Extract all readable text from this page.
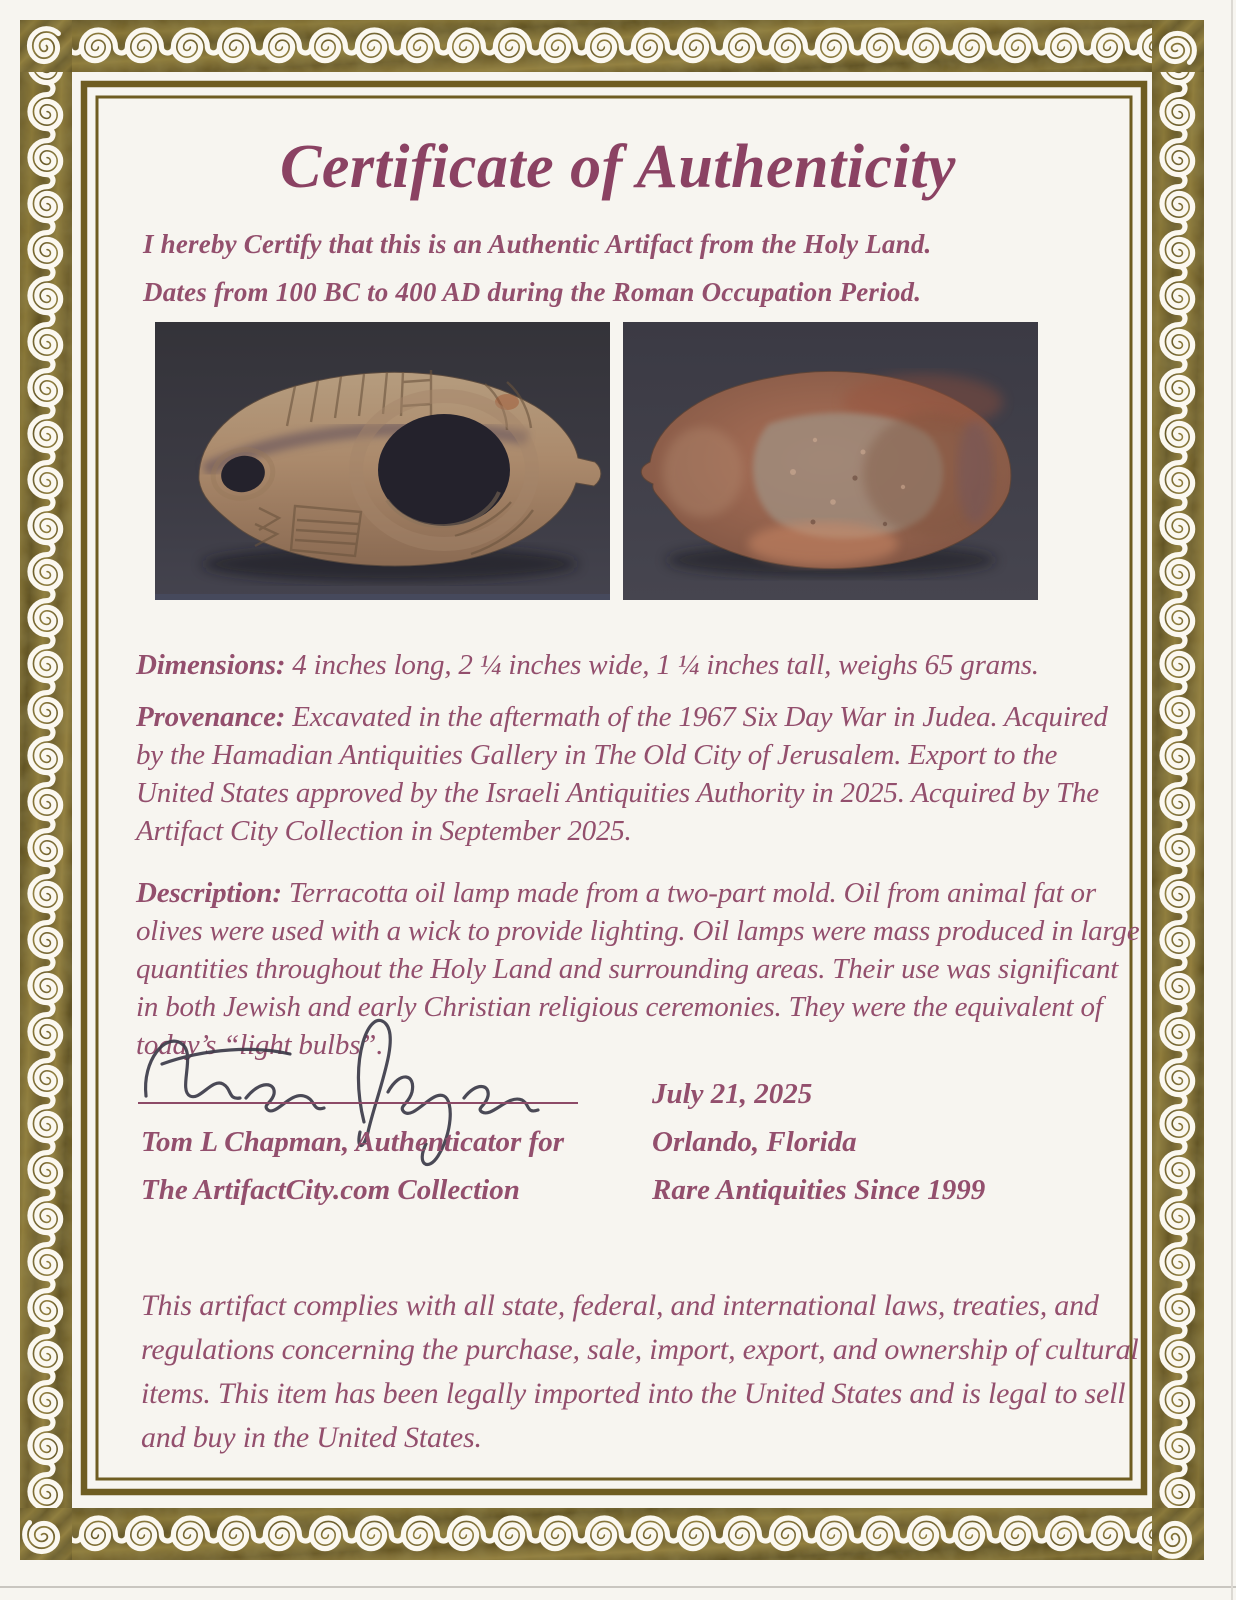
Certificate of Authenticity
I hereby Certify that this is an Authentic Artifact from the Holy Land.
Dates from 100 BC to 400 AD during the Roman Occupation Period.

Dimensions: 4 inches long, 2 ¼ inches wide, 1 ¼ inches tall, weighs 65 grams.

Provenance: Excavated in the aftermath of the 1967 Six Day War in Judea. Acquired by the Hamadian Antiquities Gallery in The Old City of Jerusalem. Export to the United States approved by the Israeli Antiquities Authority in 2025. Acquired by The Artifact City Collection in September 2025.

Description: Terracotta oil lamp made from a two-part mold. Oil from animal fat or olives were used with a wick to provide lighting. Oil lamps were mass produced in large quantities throughout the Holy Land and surrounding areas. Their use was significant in both Jewish and early Christian religious ceremonies. They were the equivalent of today’s “light bulbs”.

July 21, 2025
Orlando, Florida
Rare Antiquities Since 1999
Tom L Chapman, Authenticator for
The ArtifactCity.com Collection

This artifact complies with all state, federal, and international laws, treaties, and regulations concerning the purchase, sale, import, export, and ownership of cultural items. This item has been legally imported into the United States and is legal to sell and buy in the United States.
